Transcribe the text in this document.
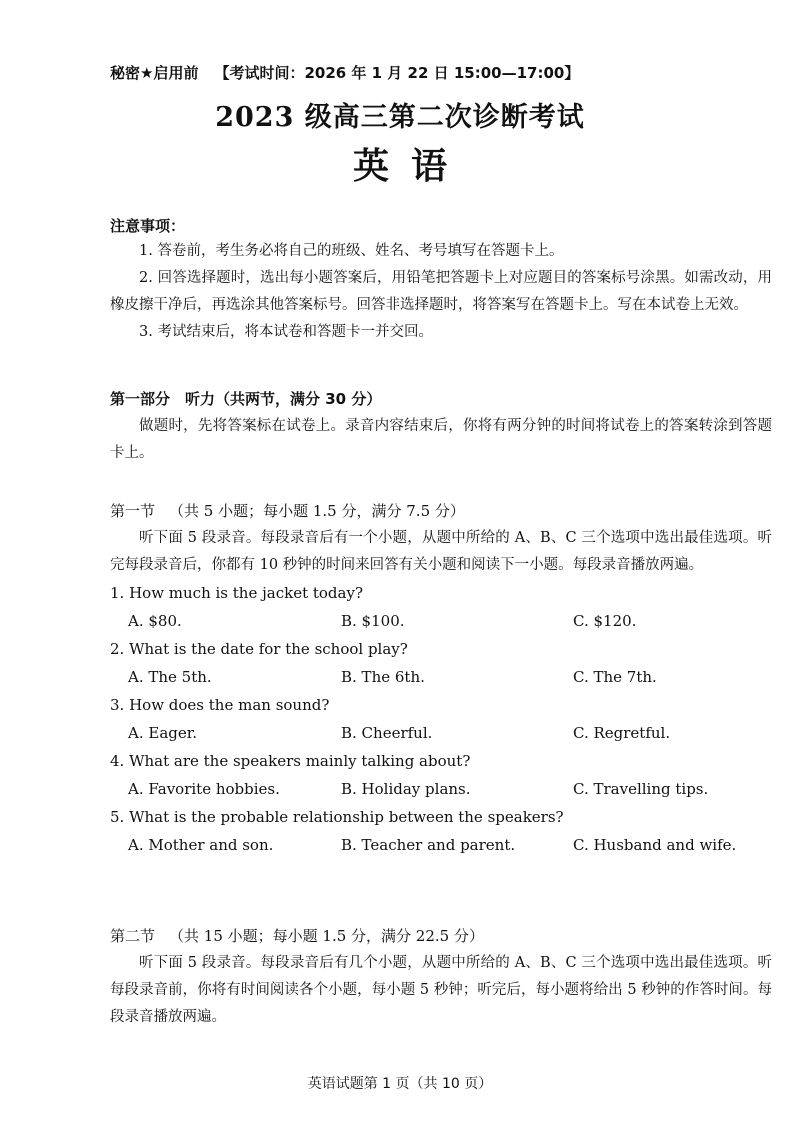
秘密★启用前 【考试时间：2026 年 1 月 22 日 15:00—17:00】
2023 级高三第二次诊断考试
英语
注意事项：

1. 答卷前，考生务必将自己的班级、姓名、考号填写在答题卡上。

2. 回答选择题时，选出每小题答案后，用铅笔把答题卡上对应题目的答案标号涂黑。如需改动，用橡皮擦干净后，再选涂其他答案标号。回答非选择题时，将答案写在答题卡上。写在本试卷上无效。

3. 考试结束后，将本试卷和答题卡一并交回。

第一部分　听力（共两节，满分 30 分）

做题时，先将答案标在试卷上。录音内容结束后，你将有两分钟的时间将试卷上的答案转涂到答题卡上。

第一节 （共 5 小题；每小题 1.5 分，满分 7.5 分）

听下面 5 段录音。每段录音后有一个小题，从题中所给的 A、B、C 三个选项中选出最佳选项。听完每段录音后，你都有 10 秒钟的时间来回答有关小题和阅读下一小题。每段录音播放两遍。

1. How much is the jacket today?

A. $80.	B. $100.	C. $120.

2. What is the date for the school play?

A. The 5th.	B. The 6th.	C. The 7th.

3. How does the man sound?

A. Eager.	B. Cheerful.	C. Regretful.

4. What are the speakers mainly talking about?

A. Favorite hobbies.	B. Holiday plans.	C. Travelling tips.

5. What is the probable relationship between the speakers?

A. Mother and son.	B. Teacher and parent.	C. Husband and wife.
第二节 （共 15 小题；每小题 1.5 分，满分 22.5 分）

听下面 5 段录音。每段录音后有几个小题，从题中所给的 A、B、C 三个选项中选出最佳选项。听每段录音前，你将有时间阅读各个小题，每小题 5 秒钟；听完后，每小题将给出 5 秒钟的作答时间。每段录音播放两遍。

英语试题第 1 页（共 10 页）
